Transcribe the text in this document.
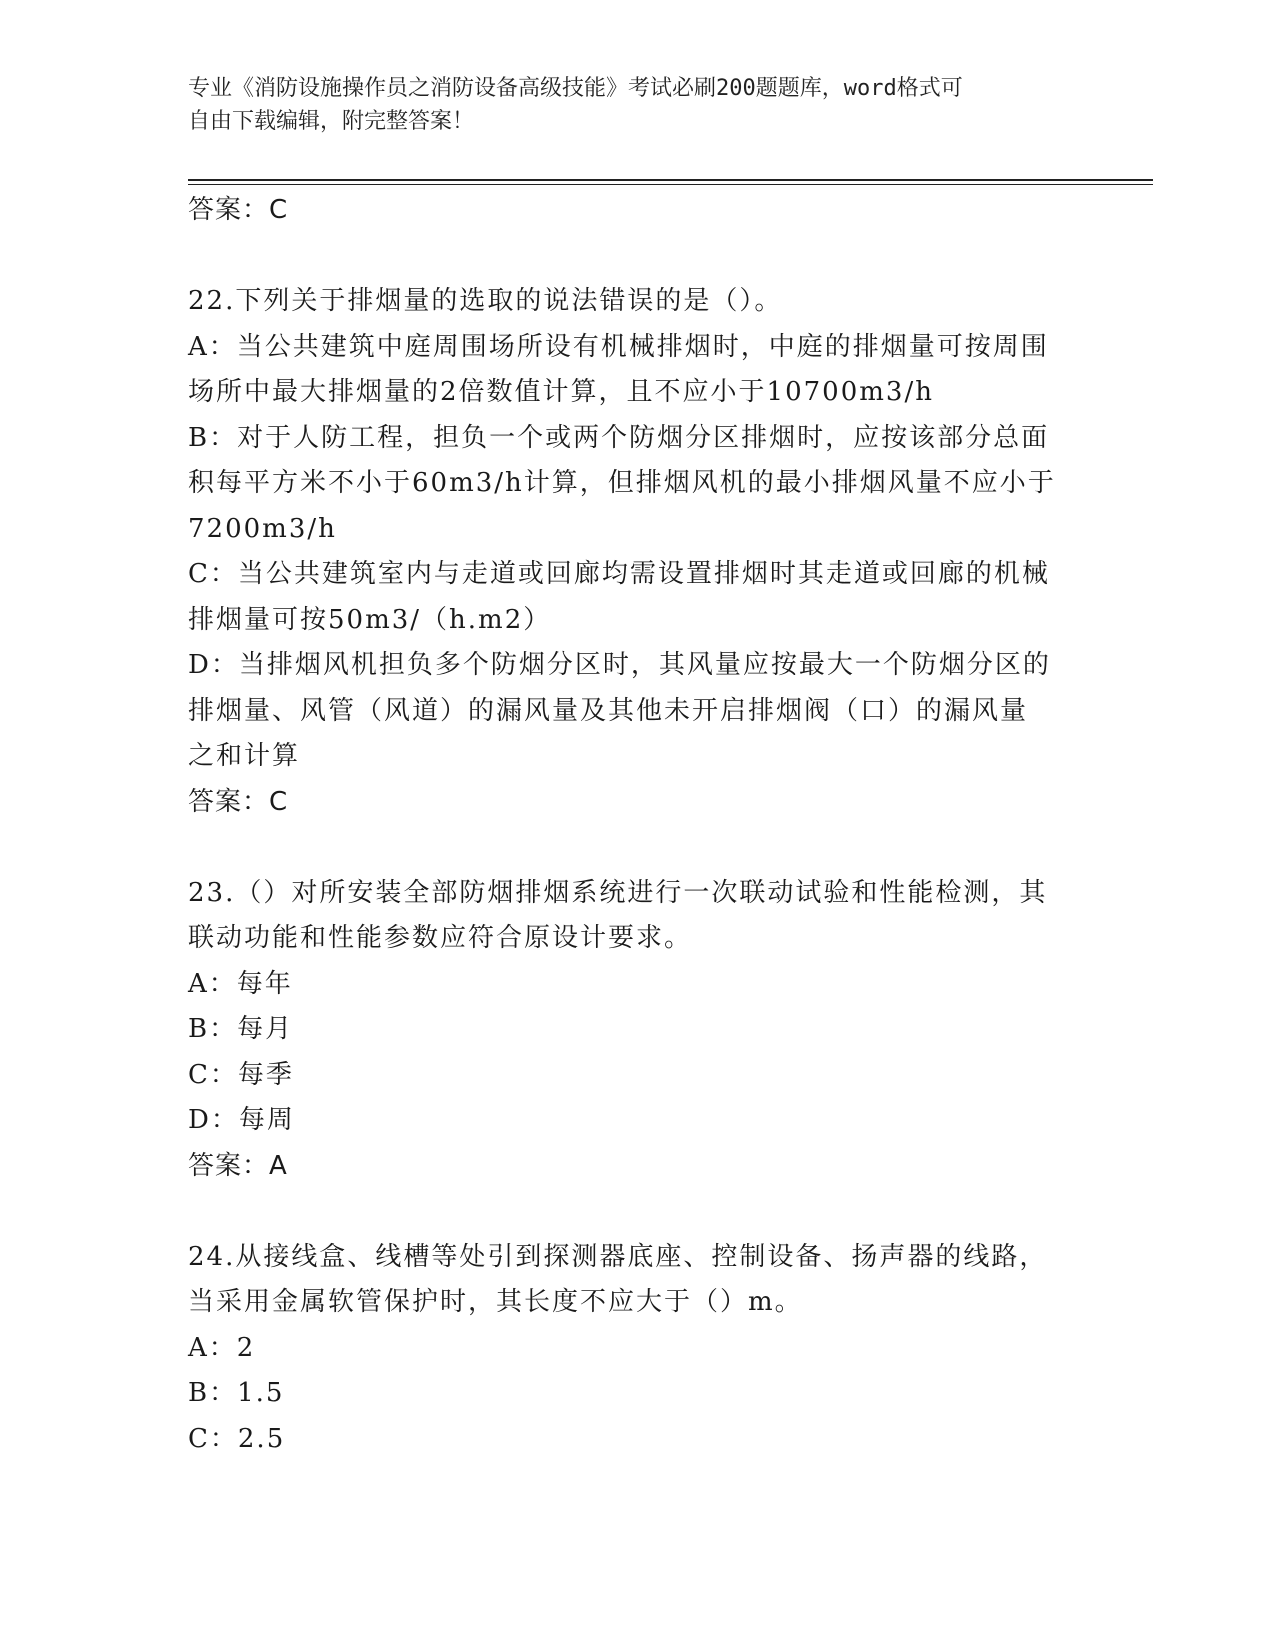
专业《消防设施操作员之消防设备高级技能》考试必刷200题题库，word格式可
自由下载编辑，附完整答案！
答案：C
22.下列关于排烟量的选取的说法错误的是（）。
A：当公共建筑中庭周围场所设有机械排烟时，中庭的排烟量可按周围
场所中最大排烟量的2倍数值计算，且不应小于10700m3/h
B：对于人防工程，担负一个或两个防烟分区排烟时，应按该部分总面
积每平方米不小于60m3/h计算，但排烟风机的最小排烟风量不应小于
7200m3/h
C：当公共建筑室内与走道或回廊均需设置排烟时其走道或回廊的机械
排烟量可按50m3/（h.m2）
D：当排烟风机担负多个防烟分区时，其风量应按最大一个防烟分区的
排烟量、风管（风道）的漏风量及其他未开启排烟阀（口）的漏风量
之和计算
答案：C
23.（）对所安装全部防烟排烟系统进行一次联动试验和性能检测，其
联动功能和性能参数应符合原设计要求。
A：每年
B：每月
C：每季
D：每周
答案：A
24.从接线盒、线槽等处引到探测器底座、控制设备、扬声器的线路，
当采用金属软管保护时，其长度不应大于（）m。
A：2
B：1.5
C：2.5
